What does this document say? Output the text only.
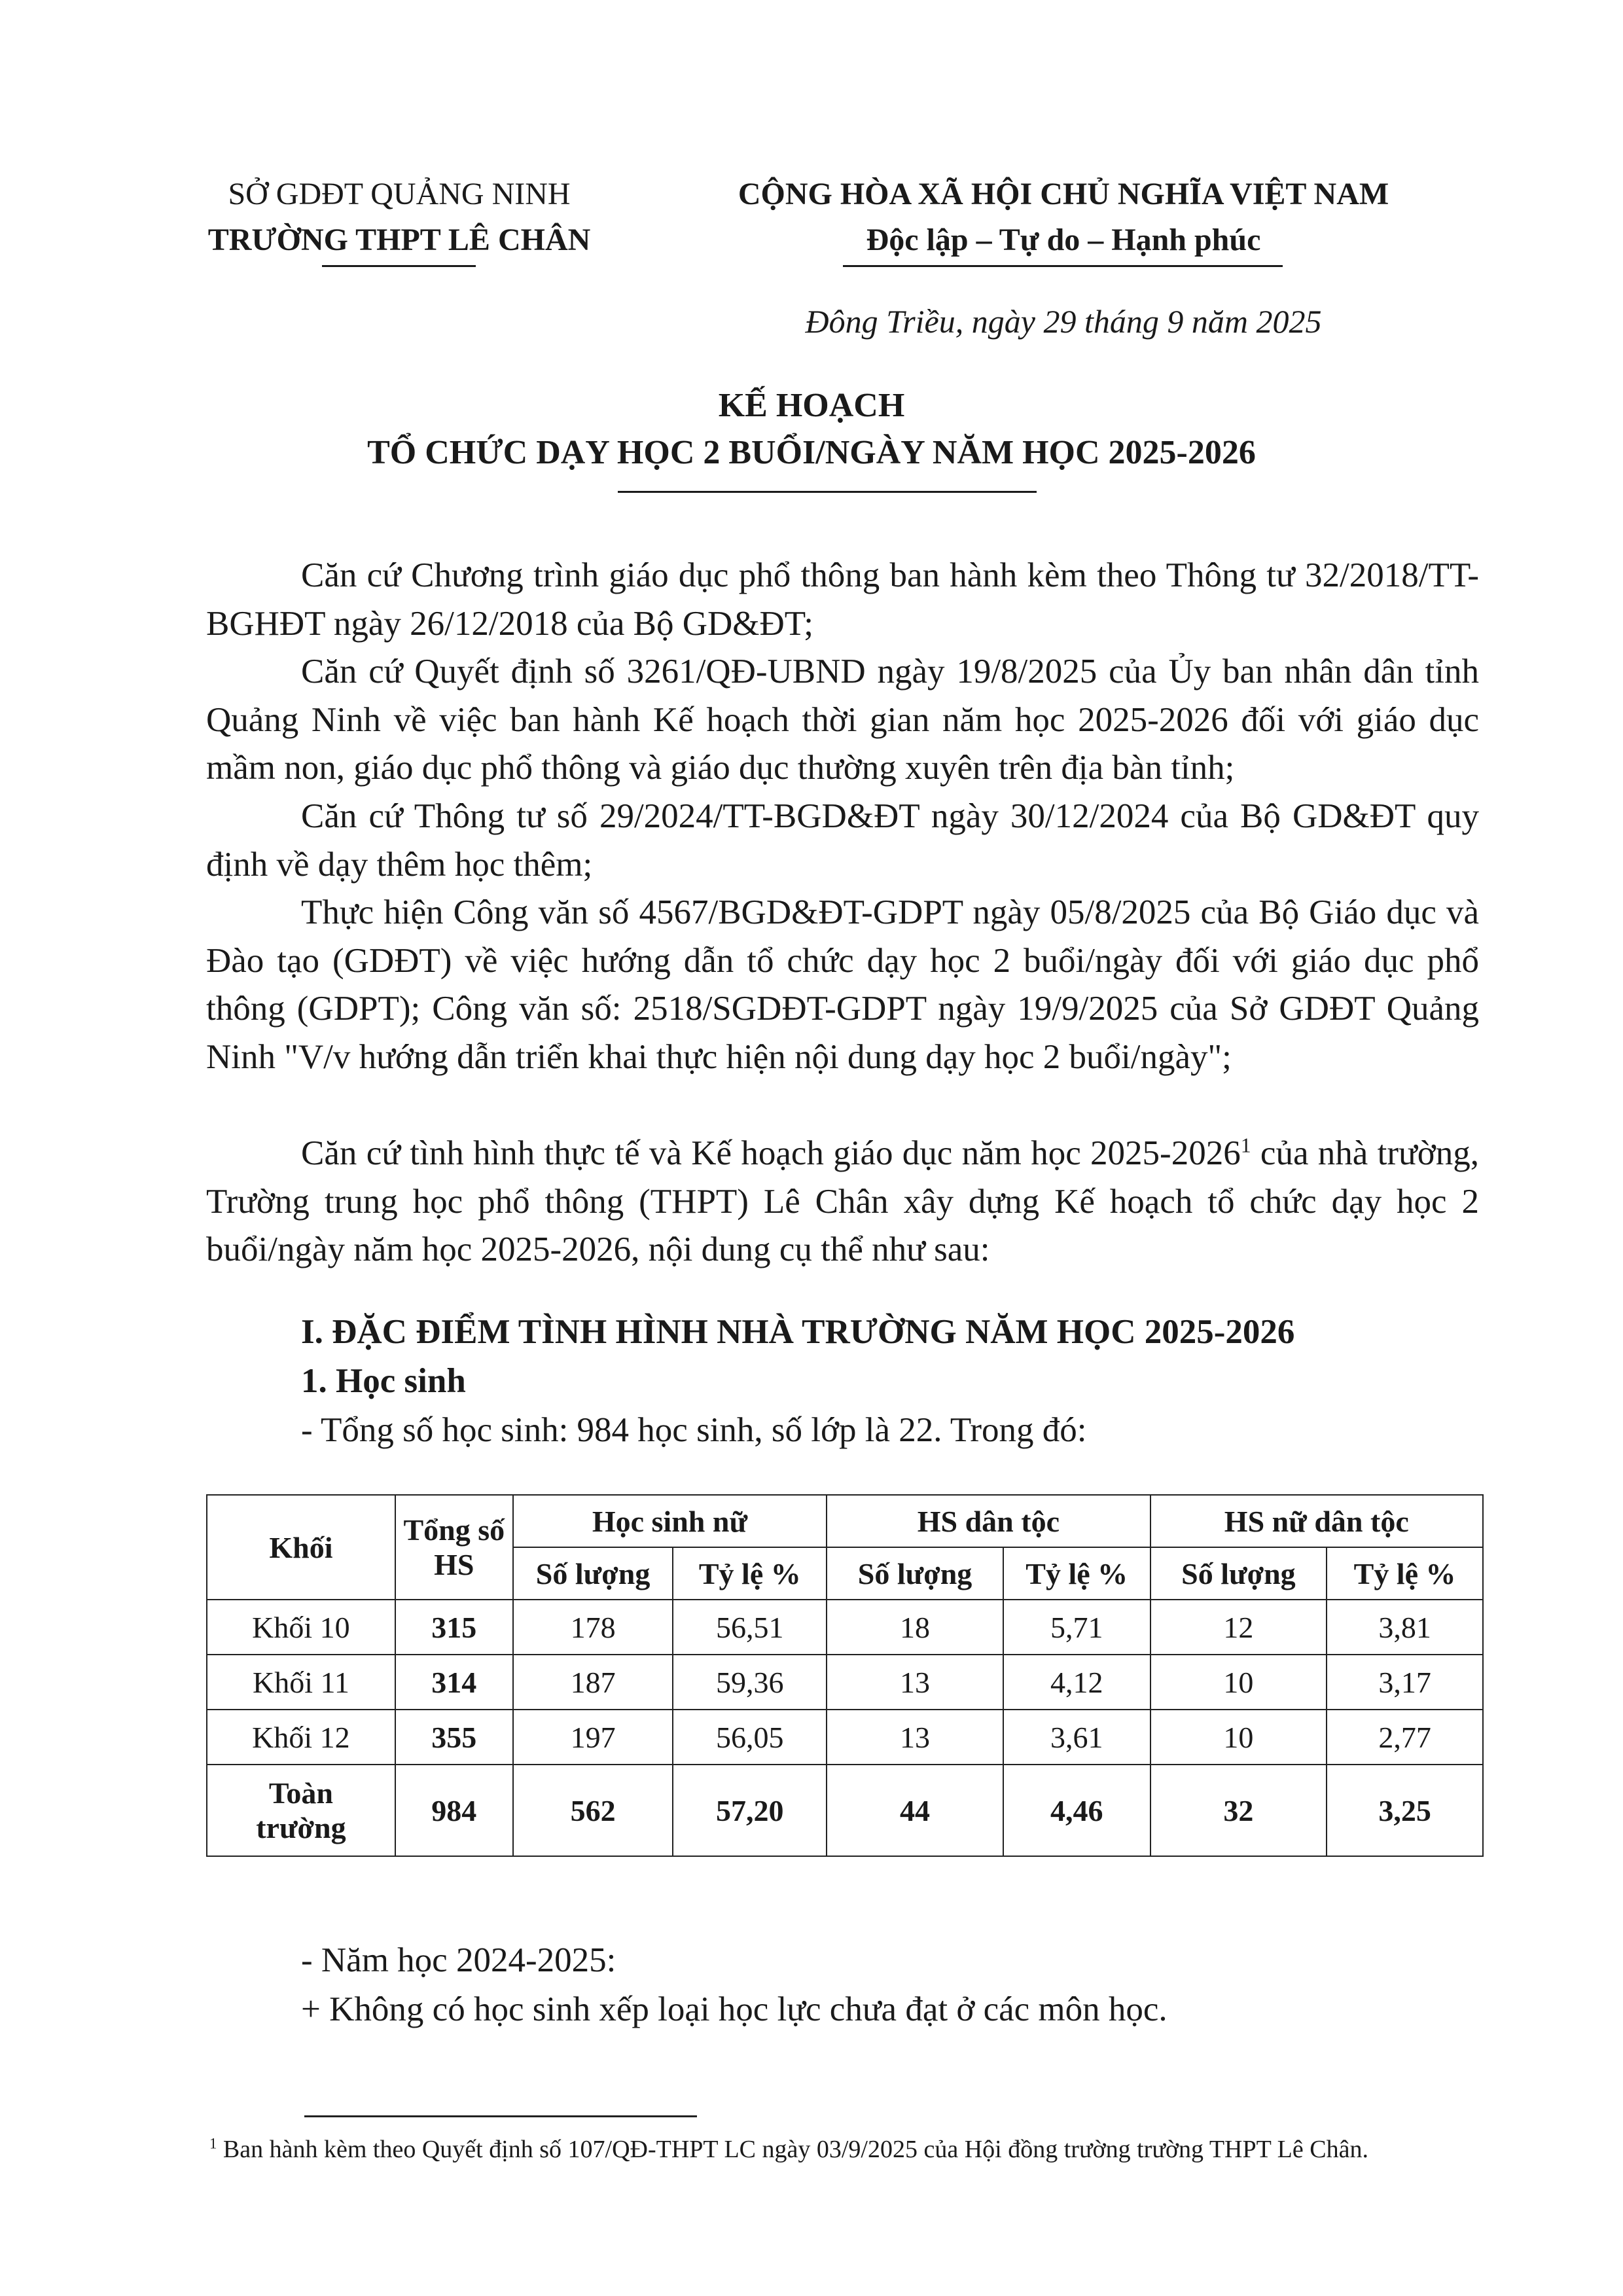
SỞ GDĐT QUẢNG NINH
TRƯỜNG THPT LÊ CHÂN
CỘNG HÒA XÃ HỘI CHỦ NGHĨA VIỆT NAM
Độc lập – Tự do – Hạnh phúc
Đông Triều, ngày 29 tháng 9 năm 2025
KẾ HOẠCH
TỔ CHỨC DẠY HỌC 2 BUỔI/NGÀY NĂM HỌC 2025-2026
Căn cứ Chương trình giáo dục phổ thông ban hành kèm theo Thông tư 32/2018/TT-BGHĐT ngày 26/12/2018 của Bộ GD&ĐT;
Căn cứ Quyết định số 3261/QĐ-UBND ngày 19/8/2025 của Ủy ban nhân dân tỉnh Quảng Ninh về việc ban hành Kế hoạch thời gian năm học 2025-2026 đối với giáo dục mầm non, giáo dục phổ thông và giáo dục thường xuyên trên địa bàn tỉnh;
Căn cứ Thông tư số 29/2024/TT-BGD&ĐT ngày 30/12/2024 của Bộ GD&ĐT quy định về dạy thêm học thêm;
Thực hiện Công văn số 4567/BGD&ĐT-GDPT ngày 05/8/2025 của Bộ Giáo dục và Đào tạo (GDĐT) về việc hướng dẫn tổ chức dạy học 2 buổi/ngày đối với giáo dục phổ thông (GDPT); Công văn số: 2518/SGDĐT-GDPT ngày 19/9/2025 của Sở GDĐT Quảng Ninh "V/v hướng dẫn triển khai thực hiện nội dung dạy học 2 buổi/ngày";
Căn cứ tình hình thực tế và Kế hoạch giáo dục năm học 2025-2026$^1$ của nhà trường, Trường trung học phổ thông (THPT) Lê Chân xây dựng Kế hoạch tổ chức dạy học 2 buổi/ngày năm học 2025-2026, nội dung cụ thể như sau:
I. ĐẶC ĐIỂM TÌNH HÌNH NHÀ TRƯỜNG NĂM HỌC 2025-2026
1. Học sinh
- Tổng số học sinh: 984 học sinh, số lớp là 22. Trong đó:
Khối	Tổng số HS	Học sinh nữ		HS dân tộc		HS nữ dân tộc	
		Số lượng	Tỷ lệ %	Số lượng	Tỷ lệ %	Số lượng	Tỷ lệ %
Khối 10	315	178	56,51	18	5,71	12	3,81
Khối 11	314	187	59,36	13	4,12	10	3,17
Khối 12	355	197	56,05	13	3,61	10	2,77
Toàn trường	984	562	57,20	44	4,46	32	3,25
- Năm học 2024-2025:
+ Không có học sinh xếp loại học lực chưa đạt ở các môn học.
$^1$ Ban hành kèm theo Quyết định số 107/QĐ-THPT LC ngày 03/9/2025 của Hội đồng trường trường THPT Lê Chân.
